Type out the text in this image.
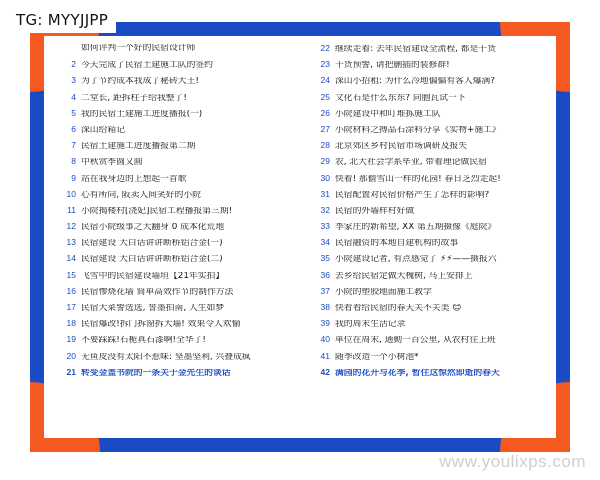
如何评判一个好的民宿设计师
2 今天完成了民宿土建施工队的签约
3 为了节约成本我成了秘砖大王!
4 二堂长, 距拆柱子给我整了!
5 我的民宿土建施工进度播报(一)
6 深山给箱记
7 民宿土建施工进度播报第二期
8 中秋赏季圆又圆
9 站在我身边的上想起一首歌
10 心有所向, 阪卖人间笑好的小院
11 小院揭楼村[浇妃]民宿工程播报第三期!
12 民宿小院级事之大翻身 0 成本化荒地
13 民宿建设 大白话讲讲断桥铝合金(一)
14 民宿建设 大白话讲讲断桥铝合金(二)
15 飞雪中的民宿建设墙垣【21年实拍】
16 民宿惨烧花墙 简单高效作节的制作方法
17 民宿大菜警选选, 誓墨拍南, 人生如梦
18 民宿爆改!拆门拆窗拆大墙! 效果令人欢愉
19 不要踩踩!石桅真石漆啊!全华了!
20 无鱼皮没有太阳不惹味: 坚墨坚利, 兴叠成疯
21 转变金盖书院的一条关于金先生的谈话
22 继续走着: 去年民宿建设全流程, 都是干货
23 干货预警, 请把删插的装修群!
24 深山小招租: 为什么冷地偏偏有客人爆满?
25 文化石是什么东东? 同胞瓦试一下
26 小院建设中和叮堆拣施工队
27 小院材料之搏品石涂料分享《实物+施工》
28 北京郊区乡村民宿市场调研及报失
29 农, 北大社会学系毕业, 带着理论做民宿
30 快着! 那儋雪山一样的花园! 春日芝烈走起!
31 民宿配置对民宿价格产生了怎样的影响?
32 民宿的外墙样村好做
33 李家庄的新希望, XX 第五期摄像《庭院》
34 民宿融资的本地自建机构的故事
35 小院建设记者, 有点感觉了 ⚡⚡——摄报六
36 去乡给民宿定做大槐树, 马上安排上
37 小院的塑胶地面施工教学
38 快看看给民宿的春天关不关美 😊
39 我的周末生活记录
40 单位在周末, 通勤一百公里, 从农村往上班
41 随季改造一个小树池*
42 满园的花开与花季, 暂住这惊然即逝的春天
TG: MYYJJPP
www.youlixps.com
